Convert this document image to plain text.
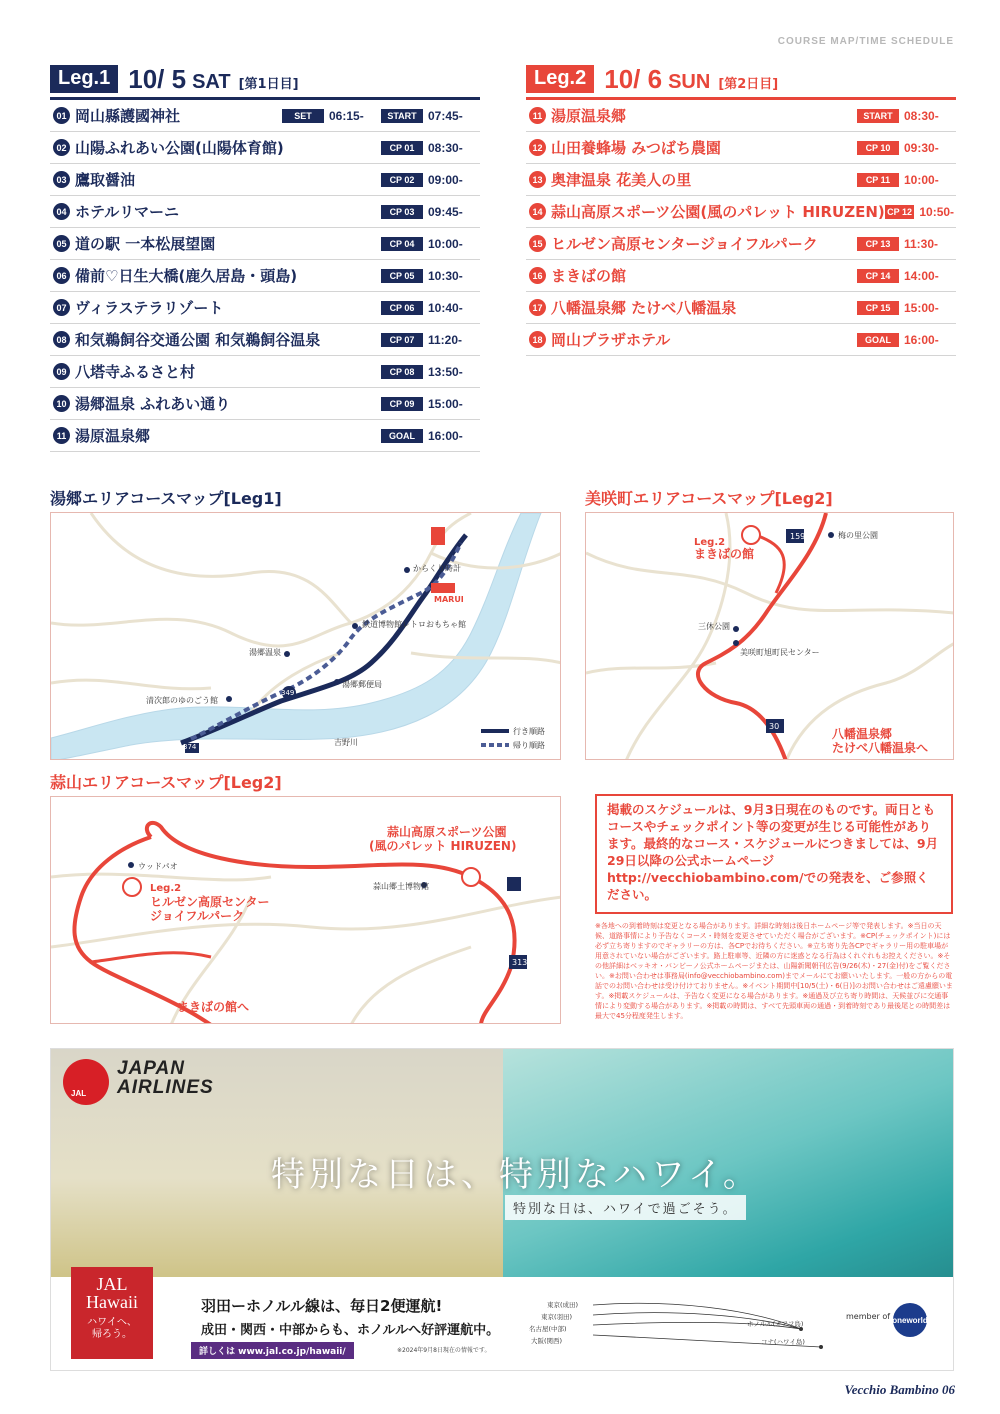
COURSE MAP/TIME SCHEDULE
Leg.1 10/ 5 SAT [第1日目]
01 岡山縣護國神社	SET	06:15-	START 07:45-
02 山陽ふれあい公園(山陽体育館)	CP 01	08:30-
03 鷹取醤油	CP 02	09:00-
04 ホテルリマーニ	CP 03	09:45-
05 道の駅 一本松展望園	CP 04	10:00-
06 備前♡日生大橋(鹿久居島・頭島)	CP 05	10:30-
07 ヴィラステラリゾート	CP 06	10:40-
08 和気鵜飼谷交通公園 和気鵜飼谷温泉	CP 07	11:20-
09 八塔寺ふるさと村	CP 08	13:50-
10 湯郷温泉 ふれあい通り	CP 09	15:00-
11 湯原温泉郷	GOAL	16:00-
Leg.2 10/ 6 SUN [第2日目]
11 湯原温泉郷	START 08:30-
12 山田養蜂場 みつばち農園	CP 10	09:30-
13 奥津温泉 花美人の里	CP 11	10:00-
14 蒜山高原スポーツ公園(風のパレット HIRUZEN) CP 12 10:50-
15 ヒルゼン高原センタージョイフルパーク	CP 13	11:30-
16 まきばの館	CP 14	14:00-
17 八幡温泉郷 たけべ八幡温泉	CP 15	15:00-
18 岡山プラザホテル	GOAL	16:00-
湯郷エリアコースマップ[Leg1]
からくり時計
MARUI
鉄道博物館レトロおもちゃ館
湯郷温泉
清次郎のゆのごう館
湯郷郵便局
吉野川
349
374
行き順路
帰り順路
美咲町エリアコースマップ[Leg2]
Leg.2
まきばの館
159	梅の里公園
三休公園
美咲町旭町民センター
30
八幡温泉郷
たけべ八幡温泉へ
蒜山エリアコースマップ[Leg2]
蒜山高原スポーツ公園
(風のパレット HIRUZEN)
ウッドパオ
Leg.2
ヒルゼン高原センター
ジョイフルパーク
蒜山郷土博物館
313
まきばの館へ
掲載のスケジュールは、9月3日現在のものです。両日ともコースやチェックポイント等の変更が生じる可能性があります。最終的なコース・スケジュールにつきましては、9月29日以降の公式ホームページhttp://vecchiobambino.com/での発表を、ご参照ください。
※各地への到着時刻は変更となる場合があります。詳細な時刻は後日ホームページ等で発表します。※当日の天候、道路事情により予告なくコース・時刻を変更させていただく場合がございます。※CP(チェックポイント)には必ず立ち寄りますのでギャラリーの方は、各CPでお待ちください。※立ち寄り先各CPでギャラリー用の駐車場が用意されていない場合がございます。路上駐車等、近隣の方に迷惑となる行為はくれぐれもお控えください。※その他詳細はベッキオ・バンビーノ公式ホームページまたは、山陽新聞朝刊広告(9/26(木)・27(金)付)をご覧ください。※お問い合わせは事務局(info@vecchiobambino.com)までメールにてお願いいたします。一般の方からの電話でのお問い合わせは受け付けておりません。※イベント期間中[10/5(土)・6(日)]のお問い合わせはご遠慮願います。※掲載スケジュールは、予告なく変更になる場合があります。※通過及び立ち寄り時間は、天候並びに交通事情により変動する場合があります。※掲載の時間は、すべて先頭車両の通過・到着時刻であり最後尾との時間差は最大で45分程度発生します。
JAL
JAPAN
AIRLINES
特別な日は、特別なハワイ。
特別な日は、ハワイで過ごそう。
JAL
Hawaii
ハワイへ、
帰ろう。
羽田ーホノルル線は、毎日2便運航!
成田・関西・中部からも、ホノルルへ好評運航中。
詳しくは www.jal.co.jp/hawaii/	※2024年9月8日現在の情報です。
東京(成田)
東京(羽田)
名古屋(中部)
大阪(関西)
ホノルル(オアフ島)
コナ(ハワイ島)
member of oneworld
Vecchio Bambino 06
